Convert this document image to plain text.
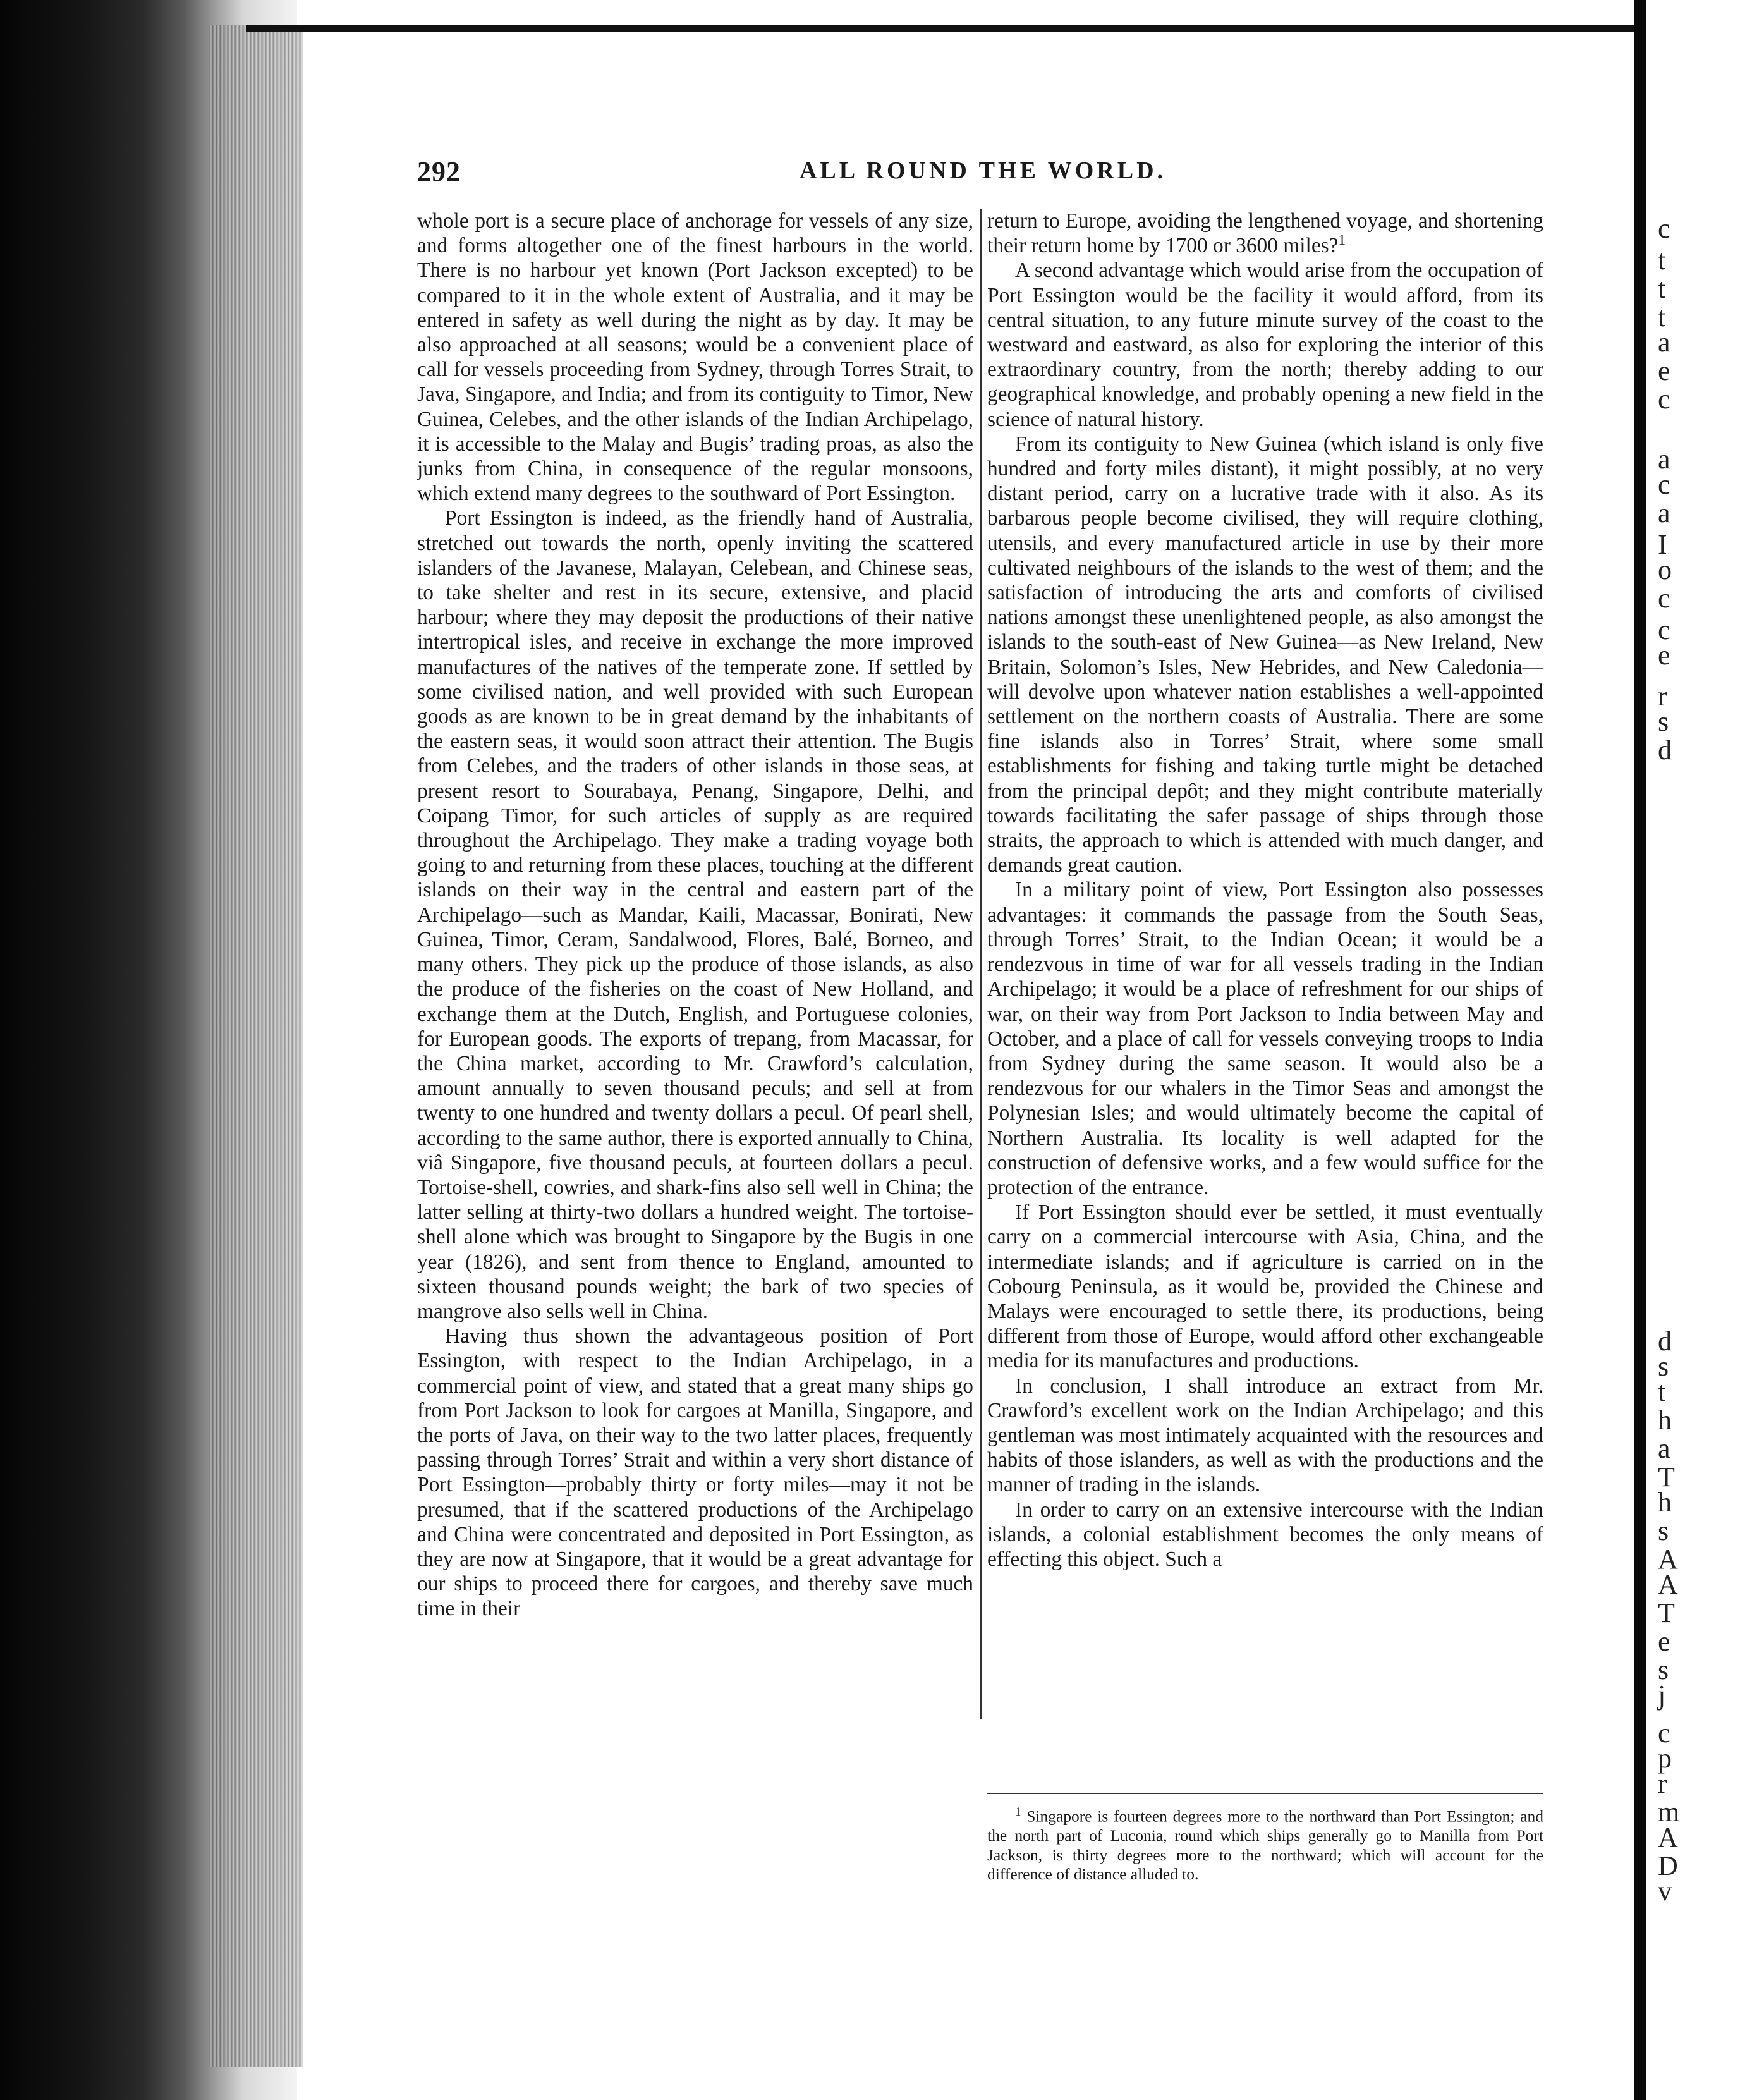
c
t
t
t
a
e
c
a
c
a
I
o
c
c
e
r
s
d
d
s
t
h
a
T
h
s
A
A
T
e
s
j
c
p
r
m
A
D
v
292	ALL ROUND THE WORLD.

whole port is a secure place of anchorage for vessels of any size, and forms altogether one of the finest harbours in the world. There is no harbour yet known (Port Jackson excepted) to be compared to it in the whole extent of Australia, and it may be entered in safety as well during the night as by day. It may be also approached at all seasons; would be a convenient place of call for vessels proceeding from Sydney, through Torres Strait, to Java, Singapore, and India; and from its contiguity to Timor, New Guinea, Celebes, and the other islands of the Indian Archipelago, it is accessible to the Malay and Bugis’ trading proas, as also the junks from China, in consequence of the regular monsoons, which extend many degrees to the southward of Port Essington.

Port Essington is indeed, as the friendly hand of Australia, stretched out towards the north, openly inviting the scattered islanders of the Javanese, Malayan, Celebean, and Chinese seas, to take shelter and rest in its secure, extensive, and placid harbour; where they may deposit the productions of their native intertropical isles, and receive in exchange the more improved manufactures of the natives of the temperate zone. If settled by some civilised nation, and well provided with such European goods as are known to be in great demand by the inhabitants of the eastern seas, it would soon attract their attention. The Bugis from Celebes, and the traders of other islands in those seas, at present resort to Sourabaya, Penang, Singapore, Delhi, and Coipang Timor, for such articles of supply as are required throughout the Archipelago. They make a trading voyage both going to and returning from these places, touching at the different islands on their way in the central and eastern part of the Archipelago—such as Mandar, Kaili, Macassar, Bonirati, New Guinea, Timor, Ceram, Sandalwood, Flores, Balé, Borneo, and many others. They pick up the produce of those islands, as also the produce of the fisheries on the coast of New Holland, and exchange them at the Dutch, English, and Portuguese colonies, for European goods. The exports of trepang, from Macassar, for the China market, according to Mr. Crawford’s calculation, amount annually to seven thousand peculs; and sell at from twenty to one hundred and twenty dollars a pecul. Of pearl shell, according to the same author, there is exported annually to China, viâ Singapore, five thousand peculs, at fourteen dollars a pecul. Tortoise-shell, cowries, and shark-fins also sell well in China; the latter selling at thirty-two dollars a hundred weight. The tortoise-shell alone which was brought to Singapore by the Bugis in one year (1826), and sent from thence to England, amounted to sixteen thousand pounds weight; the bark of two species of mangrove also sells well in China.

Having thus shown the advantageous position of Port Essington, with respect to the Indian Archipelago, in a commercial point of view, and stated that a great many ships go from Port Jackson to look for cargoes at Manilla, Singapore, and the ports of Java, on their way to the two latter places, frequently passing through Torres’ Strait and within a very short distance of Port Essington—probably thirty or forty miles—may it not be presumed, that if the scattered productions of the Archipelago and China were concentrated and deposited in Port Essington, as they are now at Singapore, that it would be a great advantage for our ships to proceed there for cargoes, and thereby save much time in their

return to Europe, avoiding the lengthened voyage, and shortening their return home by 1700 or 3600 miles?$^1$

A second advantage which would arise from the occupation of Port Essington would be the facility it would afford, from its central situation, to any future minute survey of the coast to the westward and eastward, as also for exploring the interior of this extraordinary country, from the north; thereby adding to our geographical knowledge, and probably opening a new field in the science of natural history.

From its contiguity to New Guinea (which island is only five hundred and forty miles distant), it might possibly, at no very distant period, carry on a lucrative trade with it also. As its barbarous people become civilised, they will require clothing, utensils, and every manufactured article in use by their more cultivated neighbours of the islands to the west of them; and the satisfaction of introducing the arts and comforts of civilised nations amongst these unenlightened people, as also amongst the islands to the south-east of New Guinea—as New Ireland, New Britain, Solomon’s Isles, New Hebrides, and New Caledonia—will devolve upon whatever nation establishes a well-appointed settlement on the northern coasts of Australia. There are some fine islands also in Torres’ Strait, where some small establishments for fishing and taking turtle might be detached from the principal depôt; and they might contribute materially towards facilitating the safer passage of ships through those straits, the approach to which is attended with much danger, and demands great caution.

In a military point of view, Port Essington also possesses advantages: it commands the passage from the South Seas, through Torres’ Strait, to the Indian Ocean; it would be a rendezvous in time of war for all vessels trading in the Indian Archipelago; it would be a place of refreshment for our ships of war, on their way from Port Jackson to India between May and October, and a place of call for vessels conveying troops to India from Sydney during the same season. It would also be a rendezvous for our whalers in the Timor Seas and amongst the Polynesian Isles; and would ultimately become the capital of Northern Australia. Its locality is well adapted for the construction of defensive works, and a few would suffice for the protection of the entrance.

If Port Essington should ever be settled, it must eventually carry on a commercial intercourse with Asia, China, and the intermediate islands; and if agriculture is carried on in the Cobourg Peninsula, as it would be, provided the Chinese and Malays were encouraged to settle there, its productions, being different from those of Europe, would afford other exchangeable media for its manufactures and productions.

In conclusion, I shall introduce an extract from Mr. Crawford’s excellent work on the Indian Archipelago; and this gentleman was most intimately acquainted with the resources and habits of those islanders, as well as with the productions and the manner of trading in the islands.

In order to carry on an extensive intercourse with the Indian islands, a colonial establishment becomes the only means of effecting this object. Such a

$^1$ Singapore is fourteen degrees more to the northward than Port Essington; and the north part of Luconia, round which ships generally go to Manilla from Port Jackson, is thirty degrees more to the northward; which will account for the difference of distance alluded to.
